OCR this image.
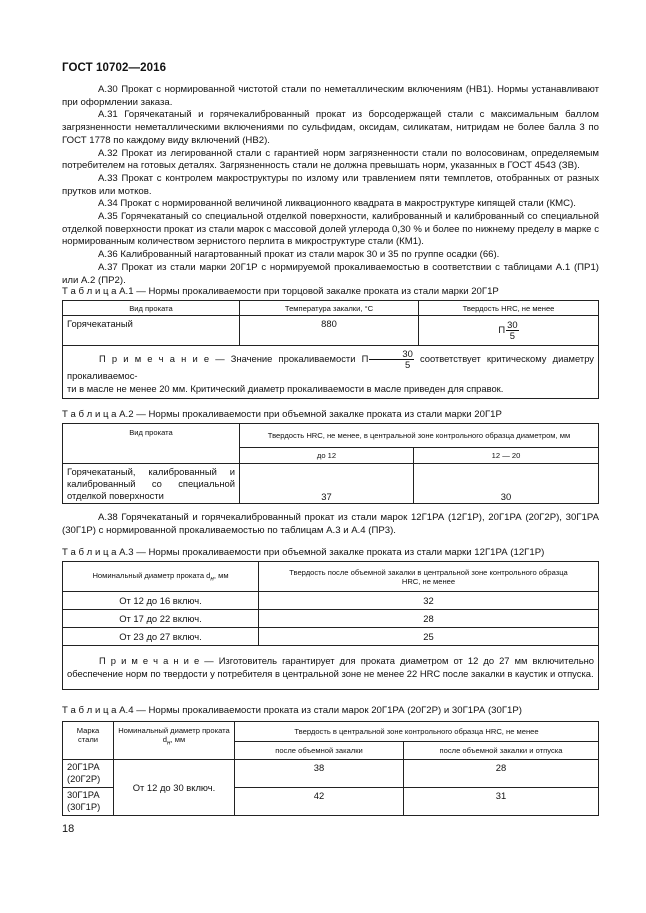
ГОСТ 10702—2016

А.30 Прокат с нормированной чистотой стали по неметаллическим включениям (НВ1). Нормы устанавливают при оформлении заказа.

А.31 Горячекатаный и горячекалиброванный прокат из борсодержащей стали с максимальным баллом загрязненности неметаллическими включениями по сульфидам, оксидам, силикатам, нитридам не более балла 3 по ГОСТ 1778 по каждому виду включений (НВ2).

А.32 Прокат из легированной стали с гарантией норм загрязненности стали по волосовинам, определяемым потребителем на готовых деталях. Загрязненность стали не должна превышать норм, указанных в ГОСТ 4543 (ЗВ).

А.33 Прокат с контролем макроструктуры по излому или травлением пяти темплетов, отобранных от разных прутков или мотков.

А.34 Прокат с нормированной величиной ликвационного квадрата в макроструктуре кипящей стали (КМС).

А.35 Горячекатаный со специальной отделкой поверхности, калиброванный и калиброванный со специальной отделкой поверхности прокат из стали марок с массовой долей углерода 0,30 % и более по нижнему пределу в марке с нормированным количеством зернистого перлита в микроструктуре стали (КМ1).

А.36 Калиброванный нагартованный прокат из стали марок 30 и 35 по группе осадки (66).

А.37 Прокат из стали марки 20Г1Р с нормируемой прокаливаемостью в соответствии с таблицами А.1 (ПР1) или А.2 (ПР2).

Т а б л и ц а А.1 — Нормы прокаливаемости при торцовой закалке проката из стали марки 20Г1Р
Вид проката	Температура закалки, °С	Твердость HRC, не менее
Горячекатаный	880	П $\frac{30}{5}$

П р и м е ч а н и е — Значение прокаливаемости П $\frac{30}{5}$ соответствует критическому диаметру прокаливаемос-
ти в масле не менее 20 мм. Критический диаметр прокаливаемости в масле приведен для справок.		
Т а б л и ц а А.2 — Нормы прокаливаемости при объемной закалке проката из стали марки 20Г1Р
Вид проката	Твердость HRC, не менее, в центральной зоне контрольного образца диаметром, мм	
	до 12	12 — 20
Горячекатаный, калиброванный и калиброванный со специальной отделкой поверхности	37	30
А.38 Горячекатаный и горячекалиброванный прокат из стали марок 12Г1РА (12Г1Р), 20Г1РА (20Г2Р), 30Г1РА (30Г1Р) с нормированной прокаливаемостью по таблицам А.3 и А.4 (ПР3).
Т а б л и ц а А.3 — Нормы прокаливаемости при объемной закалке проката из стали марки 12Г1РА (12Г1Р)
Номинальный диаметр проката $d_н$, мм	Твердость после объемной закалки в центральной зоне контрольного образца HRC, не менее
От 12 до 16 включ.	32
От 17 до 22 включ.	28
От 23 до 27 включ.	25
П р и м е ч а н и е — Изготовитель гарантирует для проката диаметром от 12 до 27 мм включительно обеспечение норм по твердости у потребителя в центральной зоне не менее 22 HRC после закалки в каустик и отпуска.	
Т а б л и ц а А.4 — Нормы прокаливаемости проката из стали марок 20Г1РА (20Г2Р) и 30Г1РА (30Г1Р)
Марка стали	Номинальный диаметр проката $d_н$, мм	Твердость в центральной зоне контрольного образца HRC, не менее	
		после объемной закалки	после объемной закалки и отпуска
20Г1РА (20Г2Р)	От 12 до 30 включ.	38	28
30Г1РА (30Г1Р)		42	31
18
